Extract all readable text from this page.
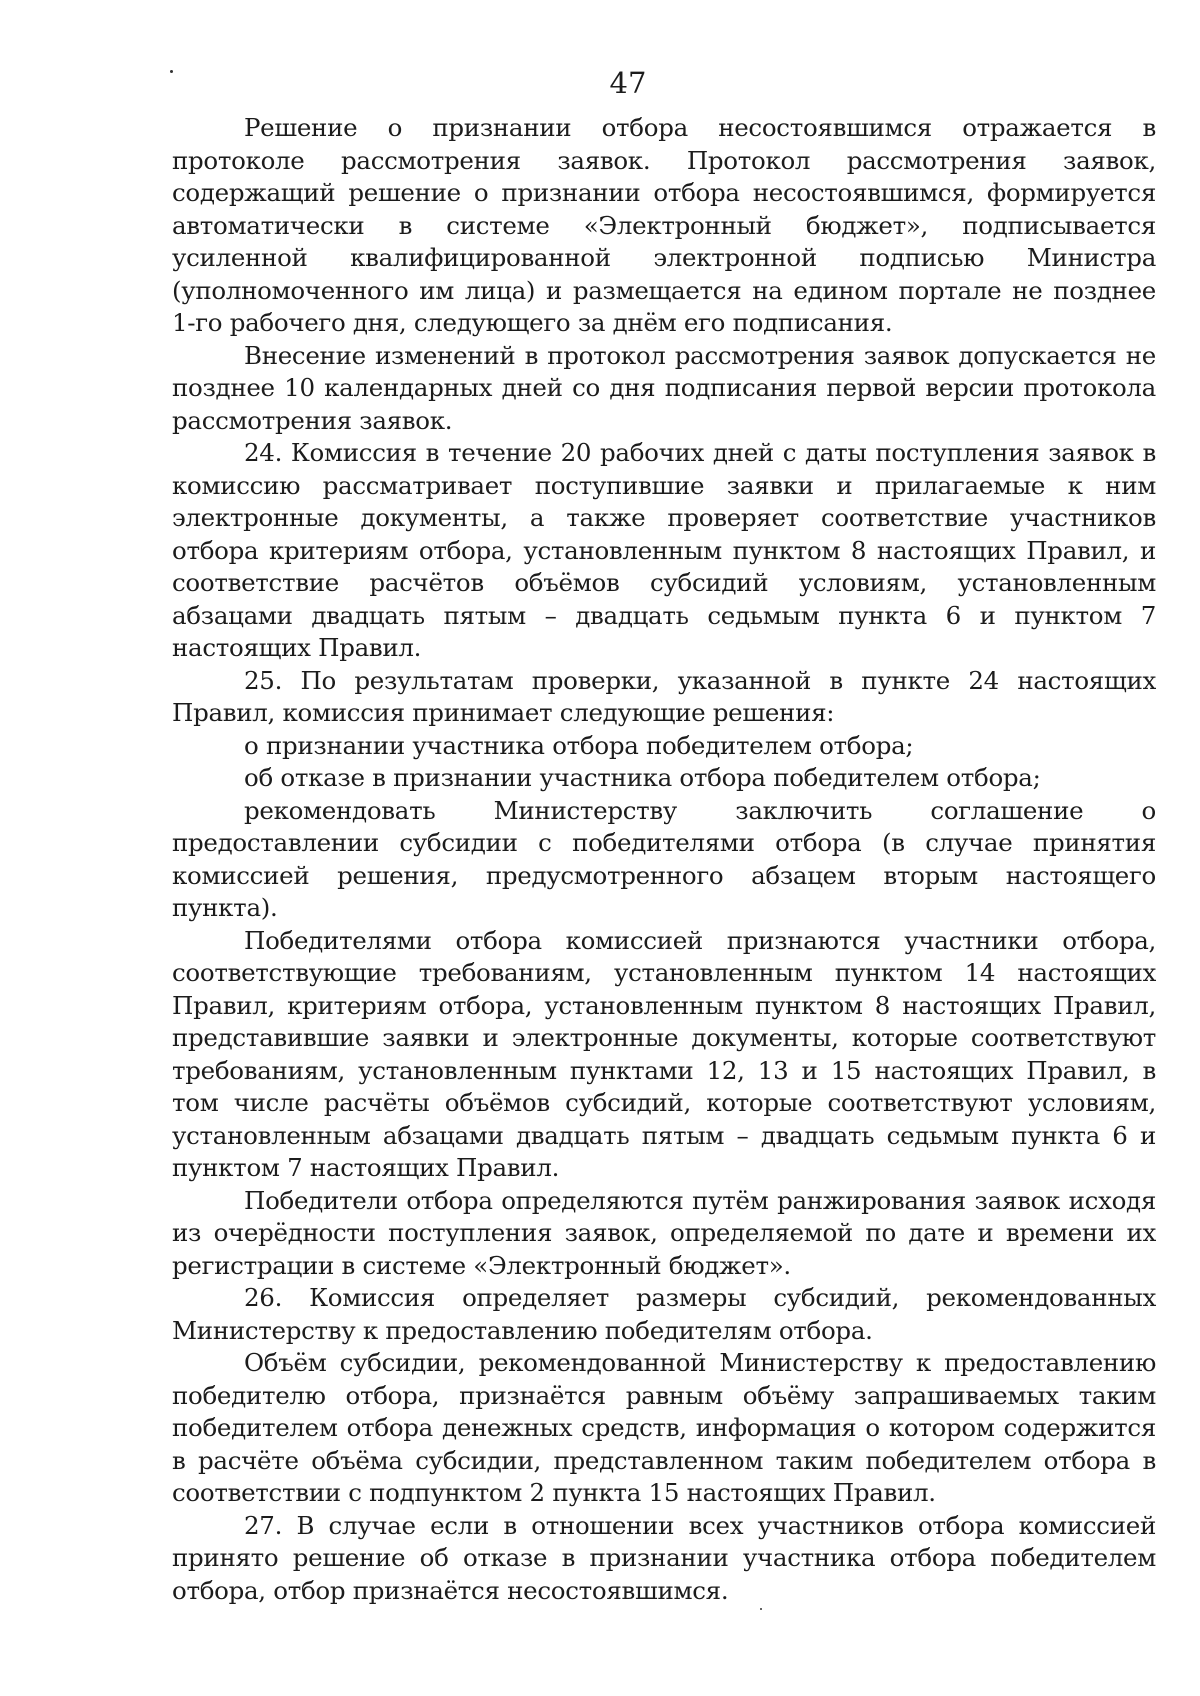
47

Решение о признании отбора несостоявшимся отражается в протоколе рассмотрения заявок. Протокол рассмотрения заявок, содержащий решение о признании отбора несостоявшимся, формируется автоматически в системе «Электронный бюджет», подписывается усиленной квалифицированной электронной подписью Министра (уполномоченного им лица) и размещается на едином портале не позднее 1-го рабочего дня, следующего за днём его подписания.

Внесение изменений в протокол рассмотрения заявок допускается не позднее 10 календарных дней со дня подписания первой версии протокола рассмотрения заявок.

24. Комиссия в течение 20 рабочих дней с даты поступления заявок в комиссию рассматривает поступившие заявки и прилагаемые к ним электронные документы, а также проверяет соответствие участников отбора критериям отбора, установленным пунктом 8 настоящих Правил, и соответствие расчётов объёмов субсидий условиям, установленным абзацами двадцать пятым – двадцать седьмым пункта 6 и пунктом 7 настоящих Правил.

25. По результатам проверки, указанной в пункте 24 настоящих Правил, комиссия принимает следующие решения:

о признании участника отбора победителем отбора;

об отказе в признании участника отбора победителем отбора;

рекомендовать Министерству заключить соглашение о предоставлении субсидии с победителями отбора (в случае принятия комиссией решения, предусмотренного абзацем вторым настоящего пункта).

Победителями отбора комиссией признаются участники отбора, соответствующие требованиям, установленным пунктом 14 настоящих Правил, критериям отбора, установленным пунктом 8 настоящих Правил, представившие заявки и электронные документы, которые соответствуют требованиям, установленным пунктами 12, 13 и 15 настоящих Правил, в том числе расчёты объёмов субсидий, которые соответствуют условиям, установленным абзацами двадцать пятым – двадцать седьмым пункта 6 и пунктом 7 настоящих Правил.

Победители отбора определяются путём ранжирования заявок исходя из очерёдности поступления заявок, определяемой по дате и времени их регистрации в системе «Электронный бюджет».

26. Комиссия определяет размеры субсидий, рекомендованных Министерству к предоставлению победителям отбора.

Объём субсидии, рекомендованной Министерству к предоставлению победителю отбора, признаётся равным объёму запрашиваемых таким победителем отбора денежных средств, информация о котором содержится в расчёте объёма субсидии, представленном таким победителем отбора в соответствии с подпунктом 2 пункта 15 настоящих Правил.

27. В случае если в отношении всех участников отбора комиссией принято решение об отказе в признании участника отбора победителем отбора, отбор признаётся несостоявшимся.
